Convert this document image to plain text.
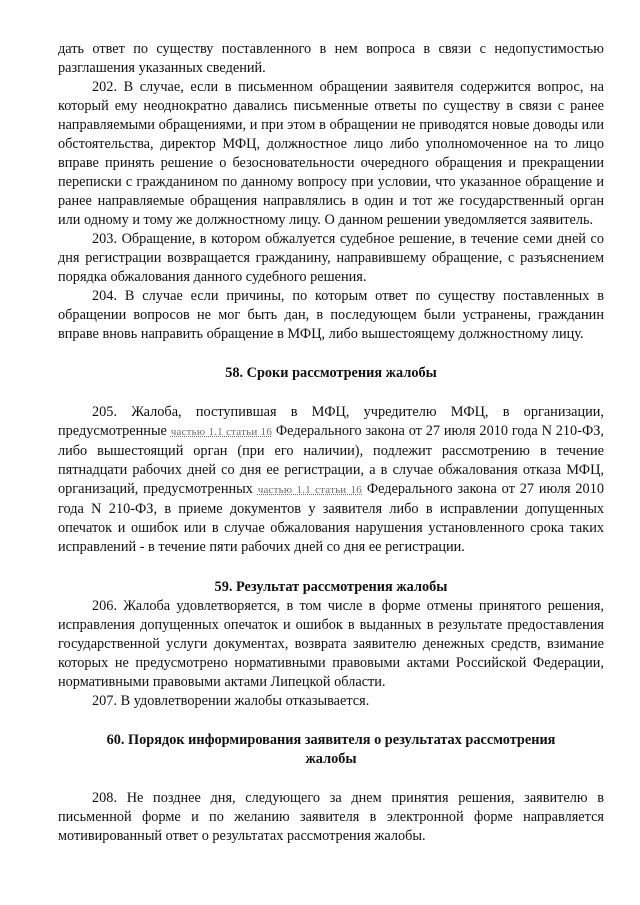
дать ответ по существу поставленного в нем вопроса в связи с недопустимостью разглашения указанных сведений.

202. В случае, если в письменном обращении заявителя содержится вопрос, на который ему неоднократно давались письменные ответы по существу в связи с ранее направляемыми обращениями, и при этом в обращении не приводятся новые доводы или обстоятельства, директор МФЦ, должностное лицо либо уполномоченное на то лицо вправе принять решение о безосновательности очередного обращения и прекращении переписки с гражданином по данному вопросу при условии, что указанное обращение и ранее направляемые обращения направлялись в один и тот же государственный орган или одному и тому же должностному лицу. О данном решении уведомляется заявитель.

203. Обращение, в котором обжалуется судебное решение, в течение семи дней со дня регистрации возвращается гражданину, направившему обращение, с разъяснением порядка обжалования данного судебного решения.

204. В случае если причины, по которым ответ по существу поставленных в обращении вопросов не мог быть дан, в последующем были устранены, гражданин вправе вновь направить обращение в МФЦ, либо вышестоящему должностному лицу.

58. Сроки рассмотрения жалобы

205. Жалоба, поступившая в МФЦ, учредителю МФЦ, в организации, предусмотренные частью 1.1 статьи 16 Федерального закона от 27 июля 2010 года N 210-ФЗ, либо вышестоящий орган (при его наличии), подлежит рассмотрению в течение пятнадцати рабочих дней со дня ее регистрации, а в случае обжалования отказа МФЦ, организаций, предусмотренных частью 1.1 статьи 16 Федерального закона от 27 июля 2010 года N 210-ФЗ, в приеме документов у заявителя либо в исправлении допущенных опечаток и ошибок или в случае обжалования нарушения установленного срока таких исправлений - в течение пяти рабочих дней со дня ее регистрации.

59. Результат рассмотрения жалобы

206. Жалоба удовлетворяется, в том числе в форме отмены принятого решения, исправления допущенных опечаток и ошибок в выданных в результате предоставления государственной услуги документах, возврата заявителю денежных средств, взимание которых не предусмотрено нормативными правовыми актами Российской Федерации, нормативными правовыми актами Липецкой области.

207. В удовлетворении жалобы отказывается.

60. Порядок информирования заявителя о результатах рассмотрения жалобы

208. Не позднее дня, следующего за днем принятия решения, заявителю в письменной форме и по желанию заявителя в электронной форме направляется мотивированный ответ о результатах рассмотрения жалобы.
